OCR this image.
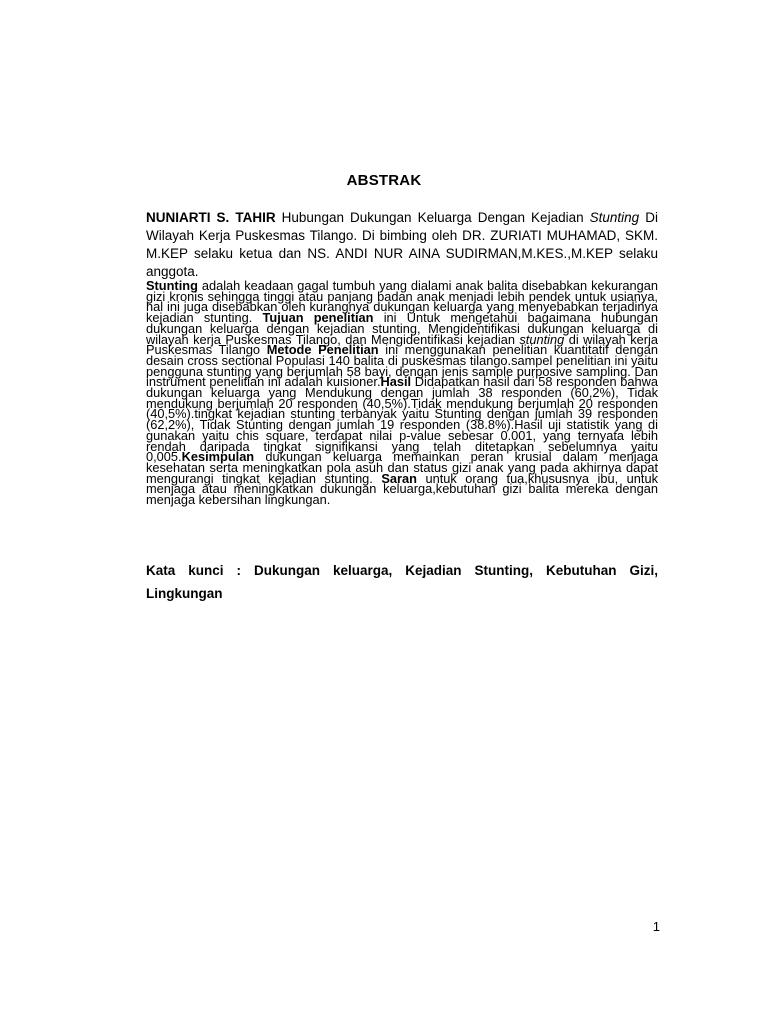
ABSTRAK
NUNIARTI S. TAHIR Hubungan Dukungan Keluarga Dengan Kejadian Stunting Di Wilayah Kerja Puskesmas Tilango. Di bimbing oleh DR. ZURIATI MUHAMAD, SKM. M.KEP selaku ketua dan NS. ANDI NUR AINA SUDIRMAN,M.KES.,M.KEP selaku anggota.
Stunting adalah keadaan gagal tumbuh yang dialami anak balita disebabkan kekurangan gizi kronis sehingga tinggi atau panjang badan anak menjadi lebih pendek untuk usianya, hal ini juga disebabkan oleh kurangnya dukungan keluarga yang menyebabkan terjadinya kejadian stunting. Tujuan penelitian ini Untuk mengetahui bagaimana hubungan dukungan keluarga dengan kejadian stunting, Mengidentifikasi dukungan keluarga di wilayah kerja Puskesmas Tilango, dan Mengidentifikasi kejadian stunting di wilayah kerja Puskesmas Tilango Metode Penelitian ini menggunakan penelitian kuantitatif dengan desain cross sectional Populasi 140 balita di puskesmas tilango.sampel penelitian ini yaitu pengguna stunting yang berjumlah 58 bayi, dengan jenis sample purposive sampling. Dan instrument penelitian ini adalah kuisioner.Hasil Didapatkan hasil dari 58 responden bahwa dukungan keluarga yang Mendukung dengan jumlah 38 responden (60,2%), Tidak mendukung berjumlah 20 responden (40,5%).Tidak mendukung berjumlah 20 responden (40,5%).tingkat kejadian stunting terbanyak yaitu Stunting dengan jumlah 39 responden (62,2%), Tidak Stunting dengan jumlah 19 responden (38.8%).Hasil uji statistik yang di gunakan yaitu chis square, terdapat nilai p-value sebesar 0.001, yang ternyata lebih rendah daripada tingkat signifikansi yang telah ditetapkan sebelumnya yaitu 0,005.Kesimpulan dukungan keluarga memainkan peran krusial dalam menjaga kesehatan serta meningkatkan pola asuh dan status gizi anak yang pada akhirnya dapat mengurangi tingkat kejadian stunting. Saran untuk orang tua,khususnya ibu, untuk menjaga atau meningkatkan dukungan keluarga,kebutuhan gizi balita mereka dengan menjaga kebersihan lingkungan.
Kata kunci : Dukungan keluarga, Kejadian Stunting, Kebutuhan Gizi, Lingkungan
1
